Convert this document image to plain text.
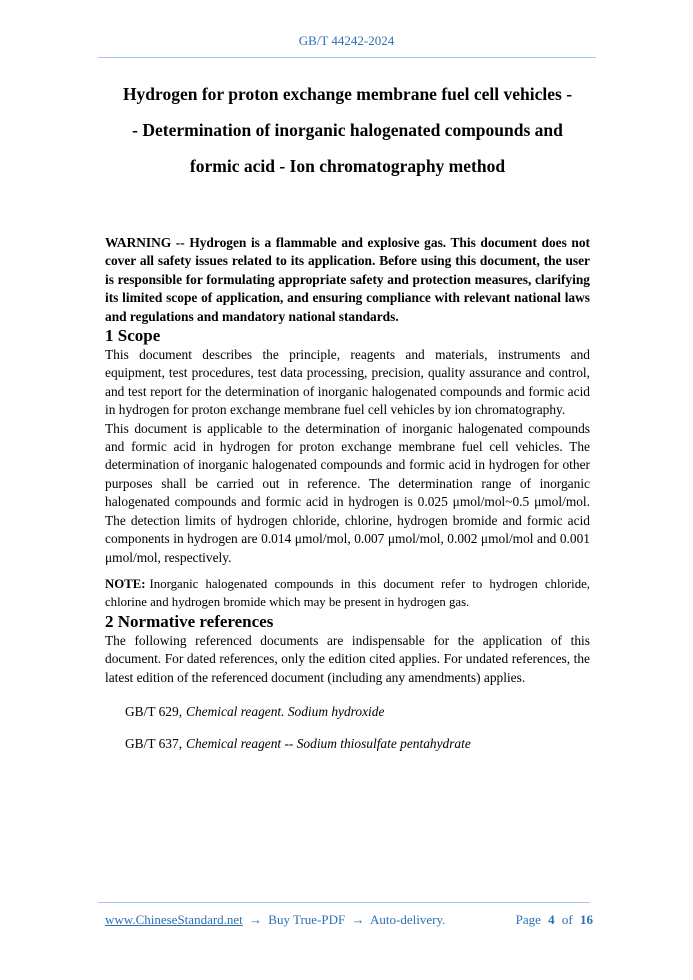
GB/T 44242-2024
Hydrogen for proton exchange membrane fuel cell vehicles -
- Determination of inorganic halogenated compounds and
formic acid - Ion chromatography method

WARNING -- Hydrogen is a flammable and explosive gas. This document does not cover all safety issues related to its application. Before using this document, the user is responsible for formulating appropriate safety and protection measures, clarifying its limited scope of application, and ensuring compliance with relevant national laws and regulations and mandatory national standards.

1 Scope

This document describes the principle, reagents and materials, instruments and equipment, test procedures, test data processing, precision, quality assurance and control, and test report for the determination of inorganic halogenated compounds and formic acid in hydrogen for proton exchange membrane fuel cell vehicles by ion chromatography.

This document is applicable to the determination of inorganic halogenated compounds and formic acid in hydrogen for proton exchange membrane fuel cell vehicles. The determination of inorganic halogenated compounds and formic acid in hydrogen for other purposes shall be carried out in reference. The determination range of inorganic halogenated compounds and formic acid in hydrogen is 0.025 μmol/mol~0.5 μmol/mol. The detection limits of hydrogen chloride, chlorine, hydrogen bromide and formic acid components in hydrogen are 0.014 μmol/mol, 0.007 μmol/mol, 0.002 μmol/mol and 0.001 μmol/mol, respectively.

NOTE: Inorganic halogenated compounds in this document refer to hydrogen chloride, chlorine and hydrogen bromide which may be present in hydrogen gas.

2 Normative references

The following referenced documents are indispensable for the application of this document. For dated references, only the edition cited applies. For undated references, the latest edition of the referenced document (including any amendments) applies.

GB/T 629, Chemical reagent. Sodium hydroxide

GB/T 637, Chemical reagent -- Sodium thiosulfate pentahydrate

www.ChineseStandard.net → Buy True-PDF → Auto-delivery.	Page 4 of 16
